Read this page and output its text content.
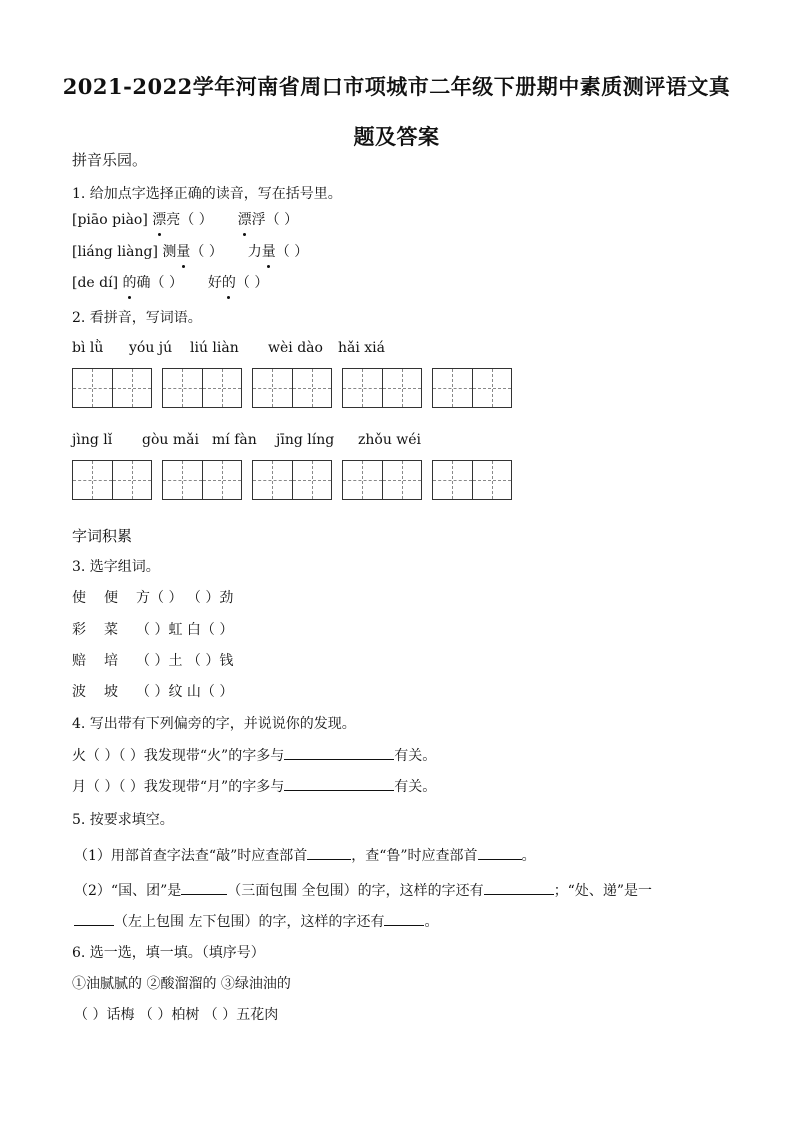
2021-2022学年河南省周口市项城市二年级下册期中素质测评语文真
题及答案
拼音乐园。
1. 给加点字选择正确的读音，写在括号里。
[piāo piào] 漂亮（ ） 漂浮（ ）
[liáng liàng] 测量（ ） 力量（ ）
[de dí] 的确（ ） 好的（ ）
2. 看拼音，写词语。
bì lǜ yóu jú liú liàn wèi dào hǎi xiá
jìng lǐ gòu mǎi mí fàn jīng líng zhǒu wéi
字词积累
3. 选字组词。
使 便 方（ ） （ ）劲
彩 菜 （ ）虹 白（ ）
赔 培 （ ）土 （ ）钱
波 坡 （ ）纹 山（ ）
4. 写出带有下列偏旁的字，并说说你的发现。
火（ ）（ ）我发现带“火”的字多与	有关。
月（ ）（ ）我发现带“月”的字多与	有关。
5. 按要求填空。
（1）用部首查字法查“敲”时应查部首	，查“鲁”时应查部首	。
（2）“国、团”是	（三面包围 全包围）的字，这样的字还有	；“处、递”是一
（左上包围 左下包围）的字，这样的字还有	。
6. 选一选，填一填。（填序号）
①油腻腻的 ②酸溜溜的 ③绿油油的
（ ）话梅 （ ）柏树 （ ）五花肉
